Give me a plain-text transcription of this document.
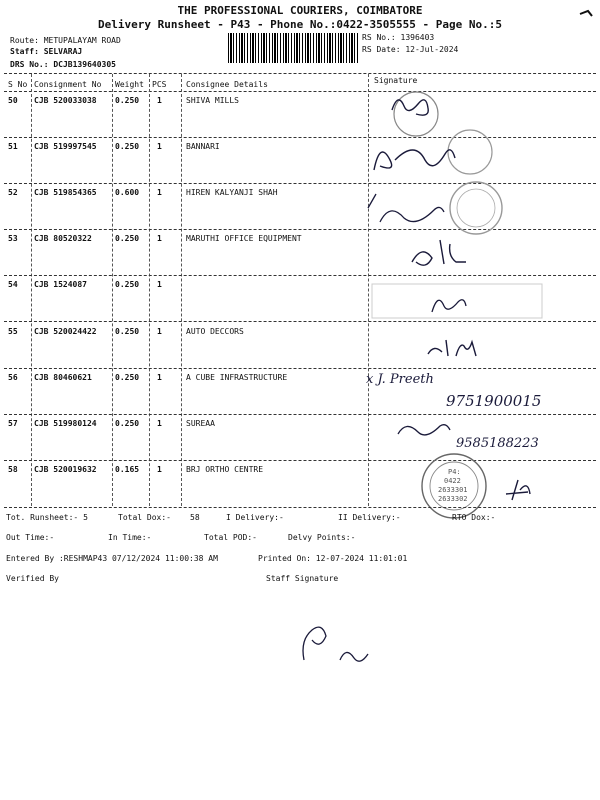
THE PROFESSIONAL COURIERS, COIMBATORE
Delivery Runsheet - P43 - Phone No.:0422-3505555 - Page No.:5
Route: METUPALAYAM ROAD
Staff: SELVARAJ
DRS No.: DCJB139640305
RS No.: 1396403
RS Date: 12-Jul-2024
S No Consignment No Weight PCS Consignee Details	Signature
50 CJB 520033038 0.250 1	SHIVA MILLS
51 CJB 519997545 0.250 1	BANNARI
52 CJB 519854365 0.600 1	HIREN KALYANJI SHAH
53 CJB 80520322	0.250 1	MARUTHI OFFICE EQUIPMENT
54 CJB 1524087	0.250 1
55 CJB 520024422 0.250 1	AUTO DECCORS
56 CJB 80460621	0.250 1	A CUBE INFRASTRUCTURE
57 CJB 519980124 0.250 1	SUREAA
58 CJB 520019632 0.165 1	BRJ ORTHO CENTRE
x J. Preeth
9751900015
9585188223
P4:
0422
2633301
2633302
Tot. Runsheet:- 5	Total Dox:- 58	I Delivery:-	II Delivery:-	RTO Dox:-
Out Time:-	In Time:-	Total POD:-	Delvy Points:-
Entered By :RESHMAP43 07/12/2024 11:00:38 AM	Printed On: 12-07-2024 11:01:01
Verified By	Staff Signature
